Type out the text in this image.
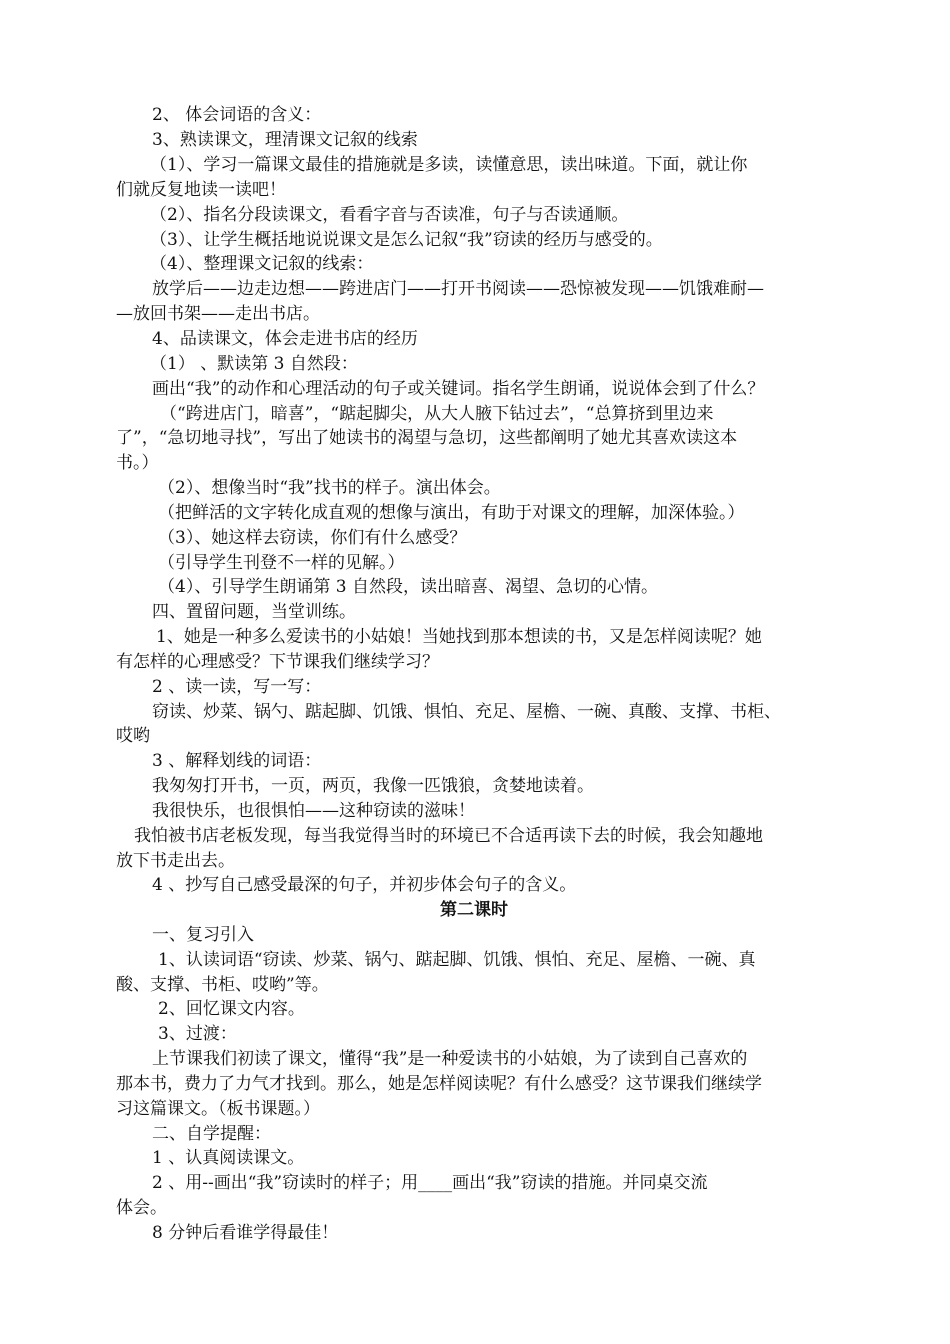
2、 体会词语的含义：
3、熟读课文，理清课文记叙的线索
（1）、学习一篇课文最佳的措施就是多读，读懂意思，读出味道。下面，就让你
们就反复地读一读吧！
（2）、指名分段读课文，看看字音与否读准，句子与否读通顺。
（3）、让学生概括地说说课文是怎么记叙“我”窃读的经历与感受的。
（4）、整理课文记叙的线索：
放学后——边走边想——跨进店门——打开书阅读——恐惊被发现——饥饿难耐—
—放回书架——走出书店。
4、品读课文，体会走进书店的经历
（1） 、默读第 3 自然段：
画出“我”的动作和心理活动的句子或关键词。指名学生朗诵，说说体会到了什么？
（“跨进店门，暗喜”，“踮起脚尖，从大人腋下钻过去”，“总算挤到里边来
了”，“急切地寻找”，写出了她读书的渴望与急切，这些都阐明了她尤其喜欢读这本
书。）
（2）、想像当时“我”找书的样子。演出体会。
（把鲜活的文字转化成直观的想像与演出，有助于对课文的理解，加深体验。）
（3）、她这样去窃读，你们有什么感受？
（引导学生刊登不一样的见解。）
（4）、引导学生朗诵第 3 自然段，读出暗喜、渴望、急切的心情。
四、置留问题，当堂训练。
1、她是一种多么爱读书的小姑娘！当她找到那本想读的书，又是怎样阅读呢？她
有怎样的心理感受？下节课我们继续学习？
2 、读一读，写一写：
窃读、炒菜、锅勺、踮起脚、饥饿、惧怕、充足、屋檐、一碗、真酸、支撑、书柜、
哎哟
3 、解释划线的词语：
我匆匆打开书，一页，两页，我像一匹饿狼，贪婪地读着。
我很快乐，也很惧怕——这种窃读的滋味！
我怕被书店老板发现，每当我觉得当时的环境已不合适再读下去的时候，我会知趣地
放下书走出去。
4 、抄写自己感受最深的句子，并初步体会句子的含义。
第二课时
一、复习引入
1、认读词语“窃读、炒菜、锅勺、踮起脚、饥饿、惧怕、充足、屋檐、一碗、真
酸、支撑、书柜、哎哟”等。
2、回忆课文内容。
3、过渡：
上节课我们初读了课文，懂得“我”是一种爱读书的小姑娘，为了读到自己喜欢的
那本书，费力了力气才找到。那么，她是怎样阅读呢？有什么感受？这节课我们继续学
习这篇课文。（板书课题。）
二、自学提醒：
1 、认真阅读课文。
2 、用--画出“我”窃读时的样子；用____画出“我”窃读的措施。并同桌交流
体会。
8 分钟后看谁学得最佳！
